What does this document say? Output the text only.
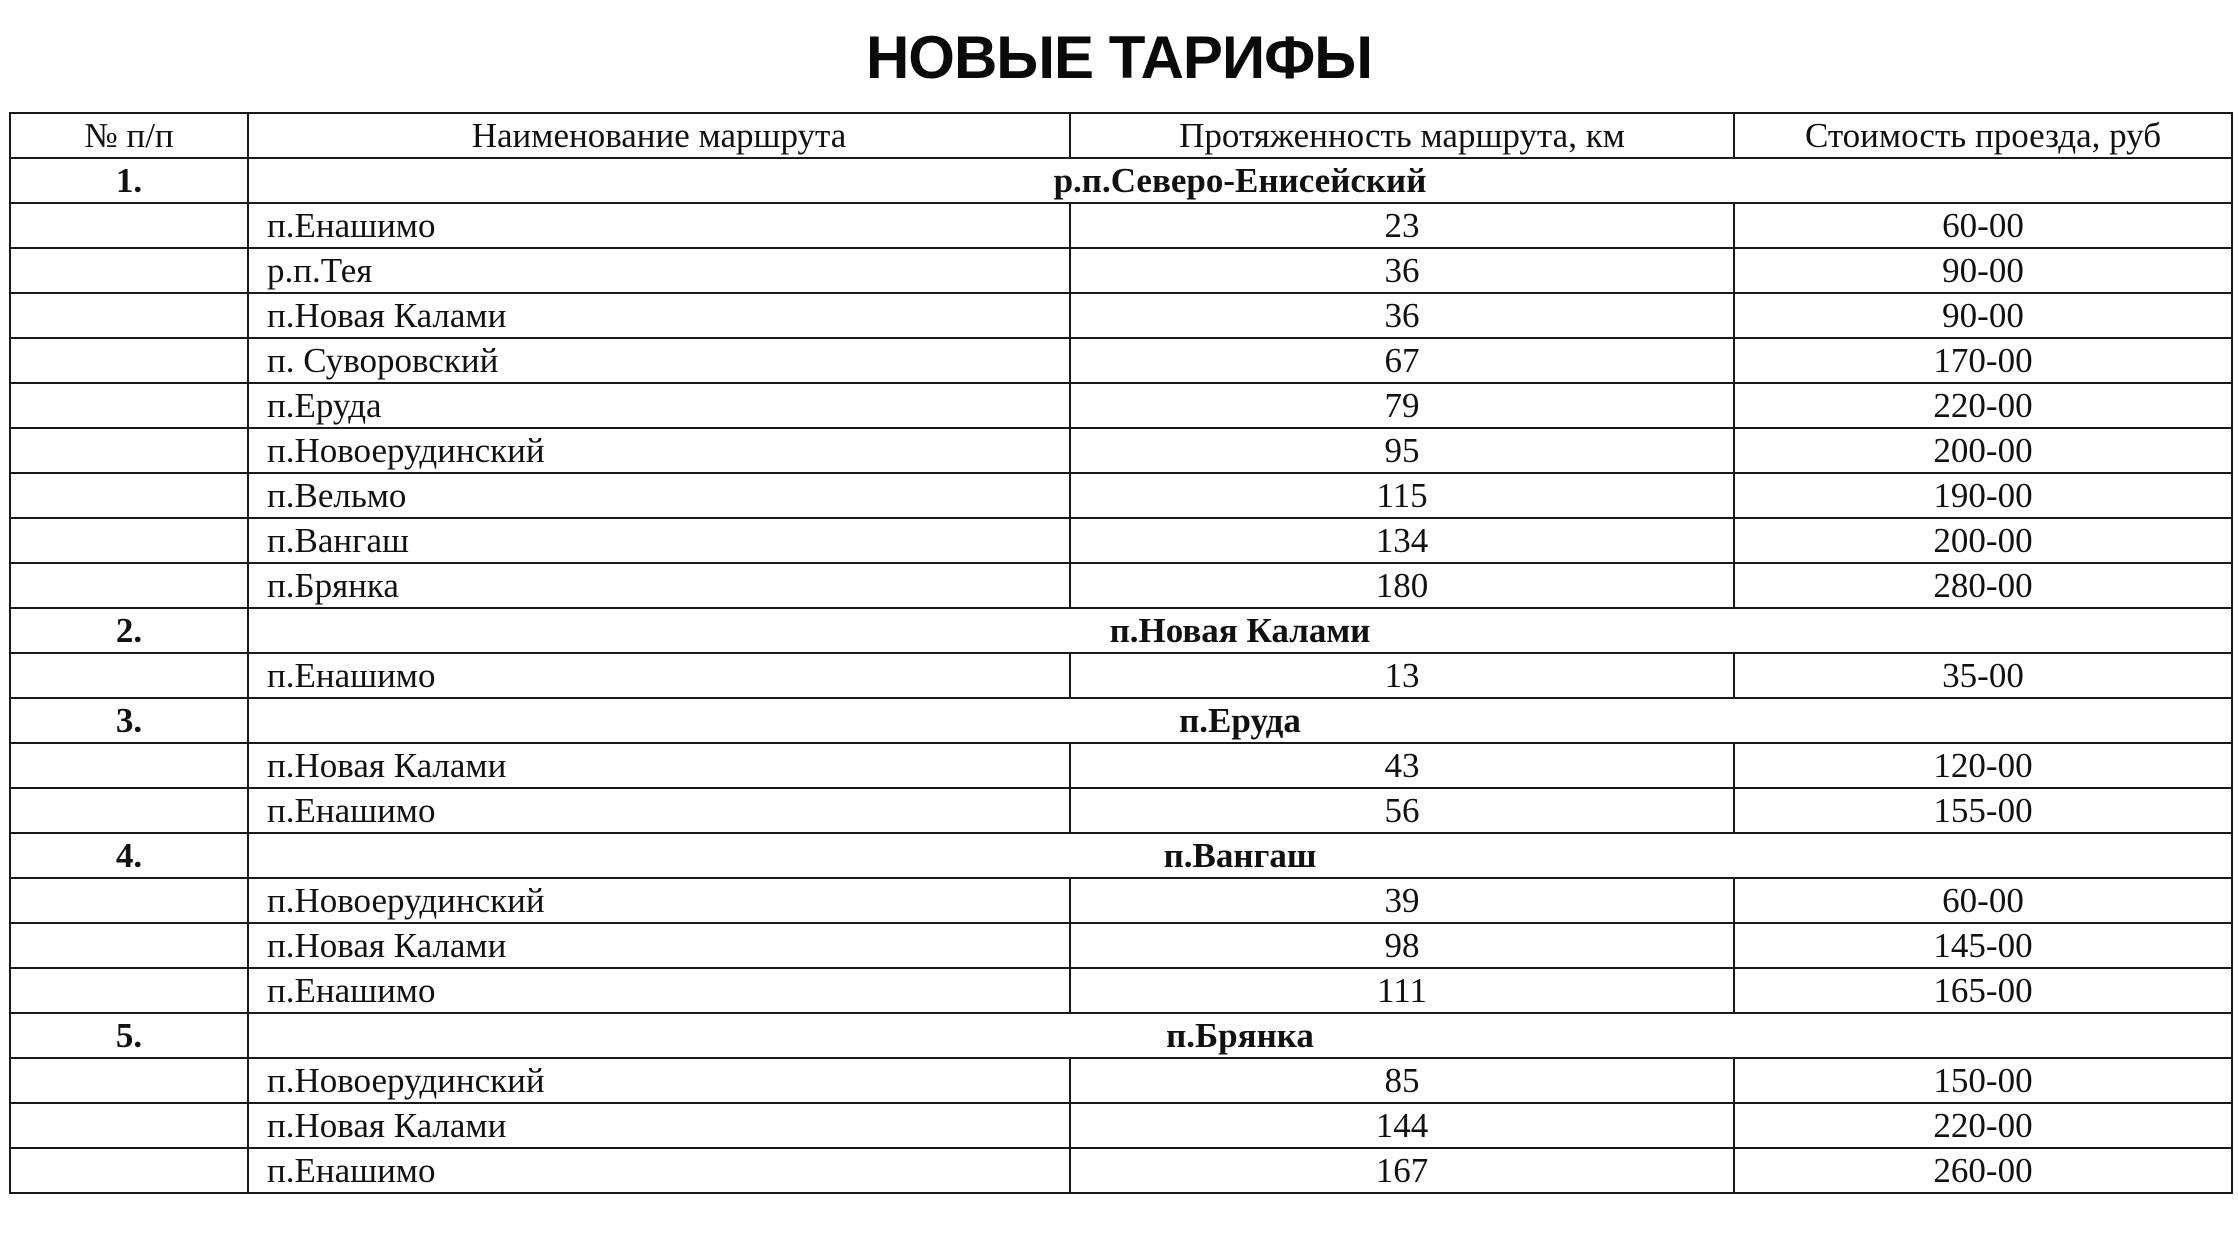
НОВЫЕ ТАРИФЫ
№ п/п	Наименование маршрута	Протяженность маршрута, км	Стоимость проезда, руб
1.	р.п.Северо-Енисейский		
	п.Енашимо	23	60-00
	р.п.Тея	36	90-00
	п.Новая Калами	36	90-00
	п. Суворовский	67	170-00
	п.Еруда	79	220-00
	п.Новоерудинский	95	200-00
	п.Вельмо	115	190-00
	п.Вангаш	134	200-00
	п.Брянка	180	280-00
2.	п.Новая Калами		
	п.Енашимо	13	35-00
3.	п.Еруда		
	п.Новая Калами	43	120-00
	п.Енашимо	56	155-00
4.	п.Вангаш		
	п.Новоерудинский	39	60-00
	п.Новая Калами	98	145-00
	п.Енашимо	111	165-00
5.	п.Брянка		
	п.Новоерудинский	85	150-00
	п.Новая Калами	144	220-00
	п.Енашимо	167	260-00
